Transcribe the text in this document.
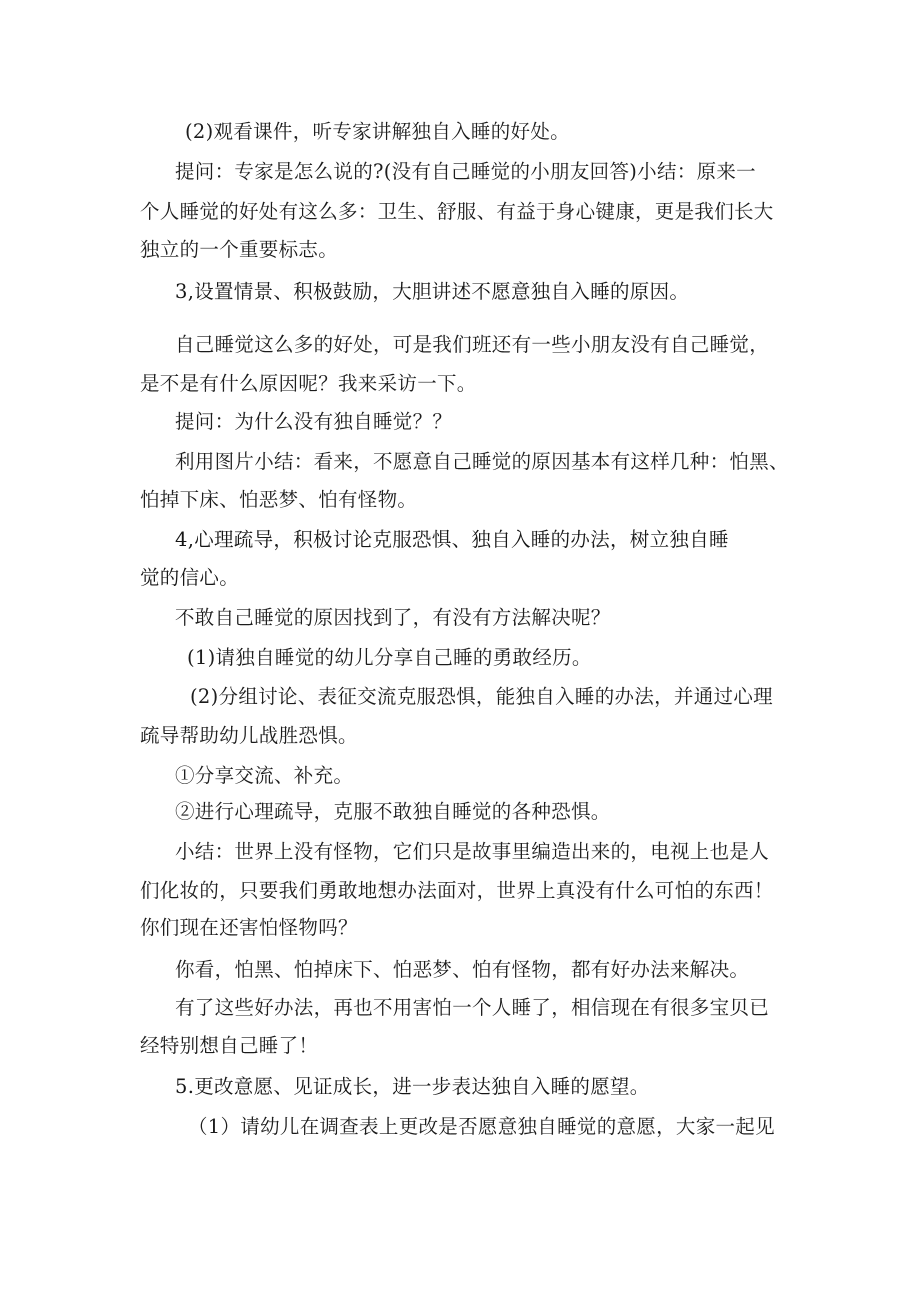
(2)观看课件，听专家讲解独自入睡的好处。
提问：专家是怎么说的?(没有自己睡觉的小朋友回答)小结：原来一
个人睡觉的好处有这么多：卫生、舒服、有益于身心键康，更是我们长大
独立的一个重要标志。
3,设置情景、积极鼓励，大胆讲述不愿意独自入睡的原因。
自己睡觉这么多的好处，可是我们班还有一些小朋友没有自己睡觉，
是不是有什么原因呢？我来采访一下。
提问：为什么没有独自睡觉？？
利用图片小结：看来，不愿意自己睡觉的原因基本有这样几种：怕黑、
怕掉下床、怕恶梦、怕有怪物。
4,心理疏导，积极讨论克服恐惧、独自入睡的办法，树立独自睡
觉的信心。
不敢自己睡觉的原因找到了，有没有方法解决呢？
(1)请独自睡觉的幼儿分享自己睡的勇敢经历。
(2)分组讨论、表征交流克服恐惧，能独自入睡的办法，并通过心理
疏导帮助幼儿战胜恐惧。
①分享交流、补充。
②进行心理疏导，克服不敢独自睡觉的各种恐惧。
小结：世界上没有怪物，它们只是故事里编造出来的，电视上也是人
们化妆的，只要我们勇敢地想办法面对，世界上真没有什么可怕的东西！
你们现在还害怕怪物吗？
你看，怕黑、怕掉床下、怕恶梦、怕有怪物，都有好办法来解决。
有了这些好办法，再也不用害怕一个人睡了，相信现在有很多宝贝已
经特别想自己睡了！
5.更改意愿、见证成长，进一步表达独自入睡的愿望。
（1）请幼儿在调查表上更改是否愿意独自睡觉的意愿，大家一起见
